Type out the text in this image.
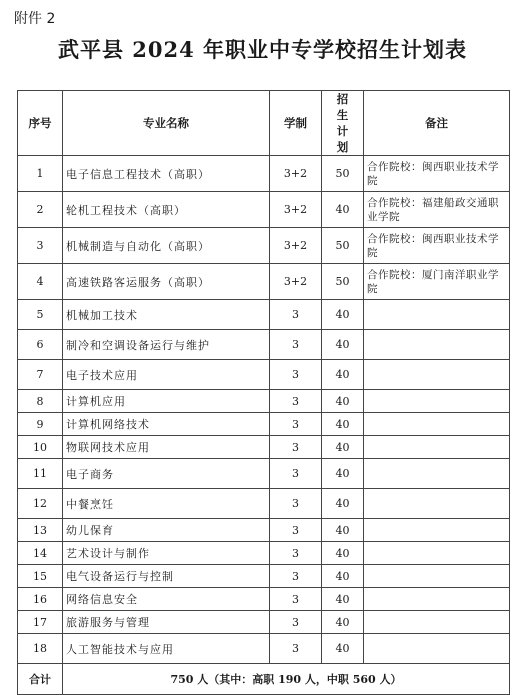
附件 2
武平县 2024 年职业中专学校招生计划表
序号	专业名称	学制	招生计划	备注
1	电子信息工程技术（高职）	3+2	50	合作院校：闽西职业技术学院
2	轮机工程技术（高职）	3+2	40	合作院校：福建船政交通职业学院
3	机械制造与自动化（高职）	3+2	50	合作院校：闽西职业技术学院
4	高速铁路客运服务（高职）	3+2	50	合作院校：厦门南洋职业学院
5	机械加工技术	3	40	
6	制冷和空调设备运行与维护	3	40	
7	电子技术应用	3	40	
8	计算机应用	3	40	
9	计算机网络技术	3	40	
10	物联网技术应用	3	40	
11	电子商务	3	40	
12	中餐烹饪	3	40	
13	幼儿保育	3	40	
14	艺术设计与制作	3	40	
15	电气设备运行与控制	3	40	
16	网络信息安全	3	40	
17	旅游服务与管理	3	40	
18	人工智能技术与应用	3	40	
合计	750 人（其中：高职 190 人，中职 560 人）			
